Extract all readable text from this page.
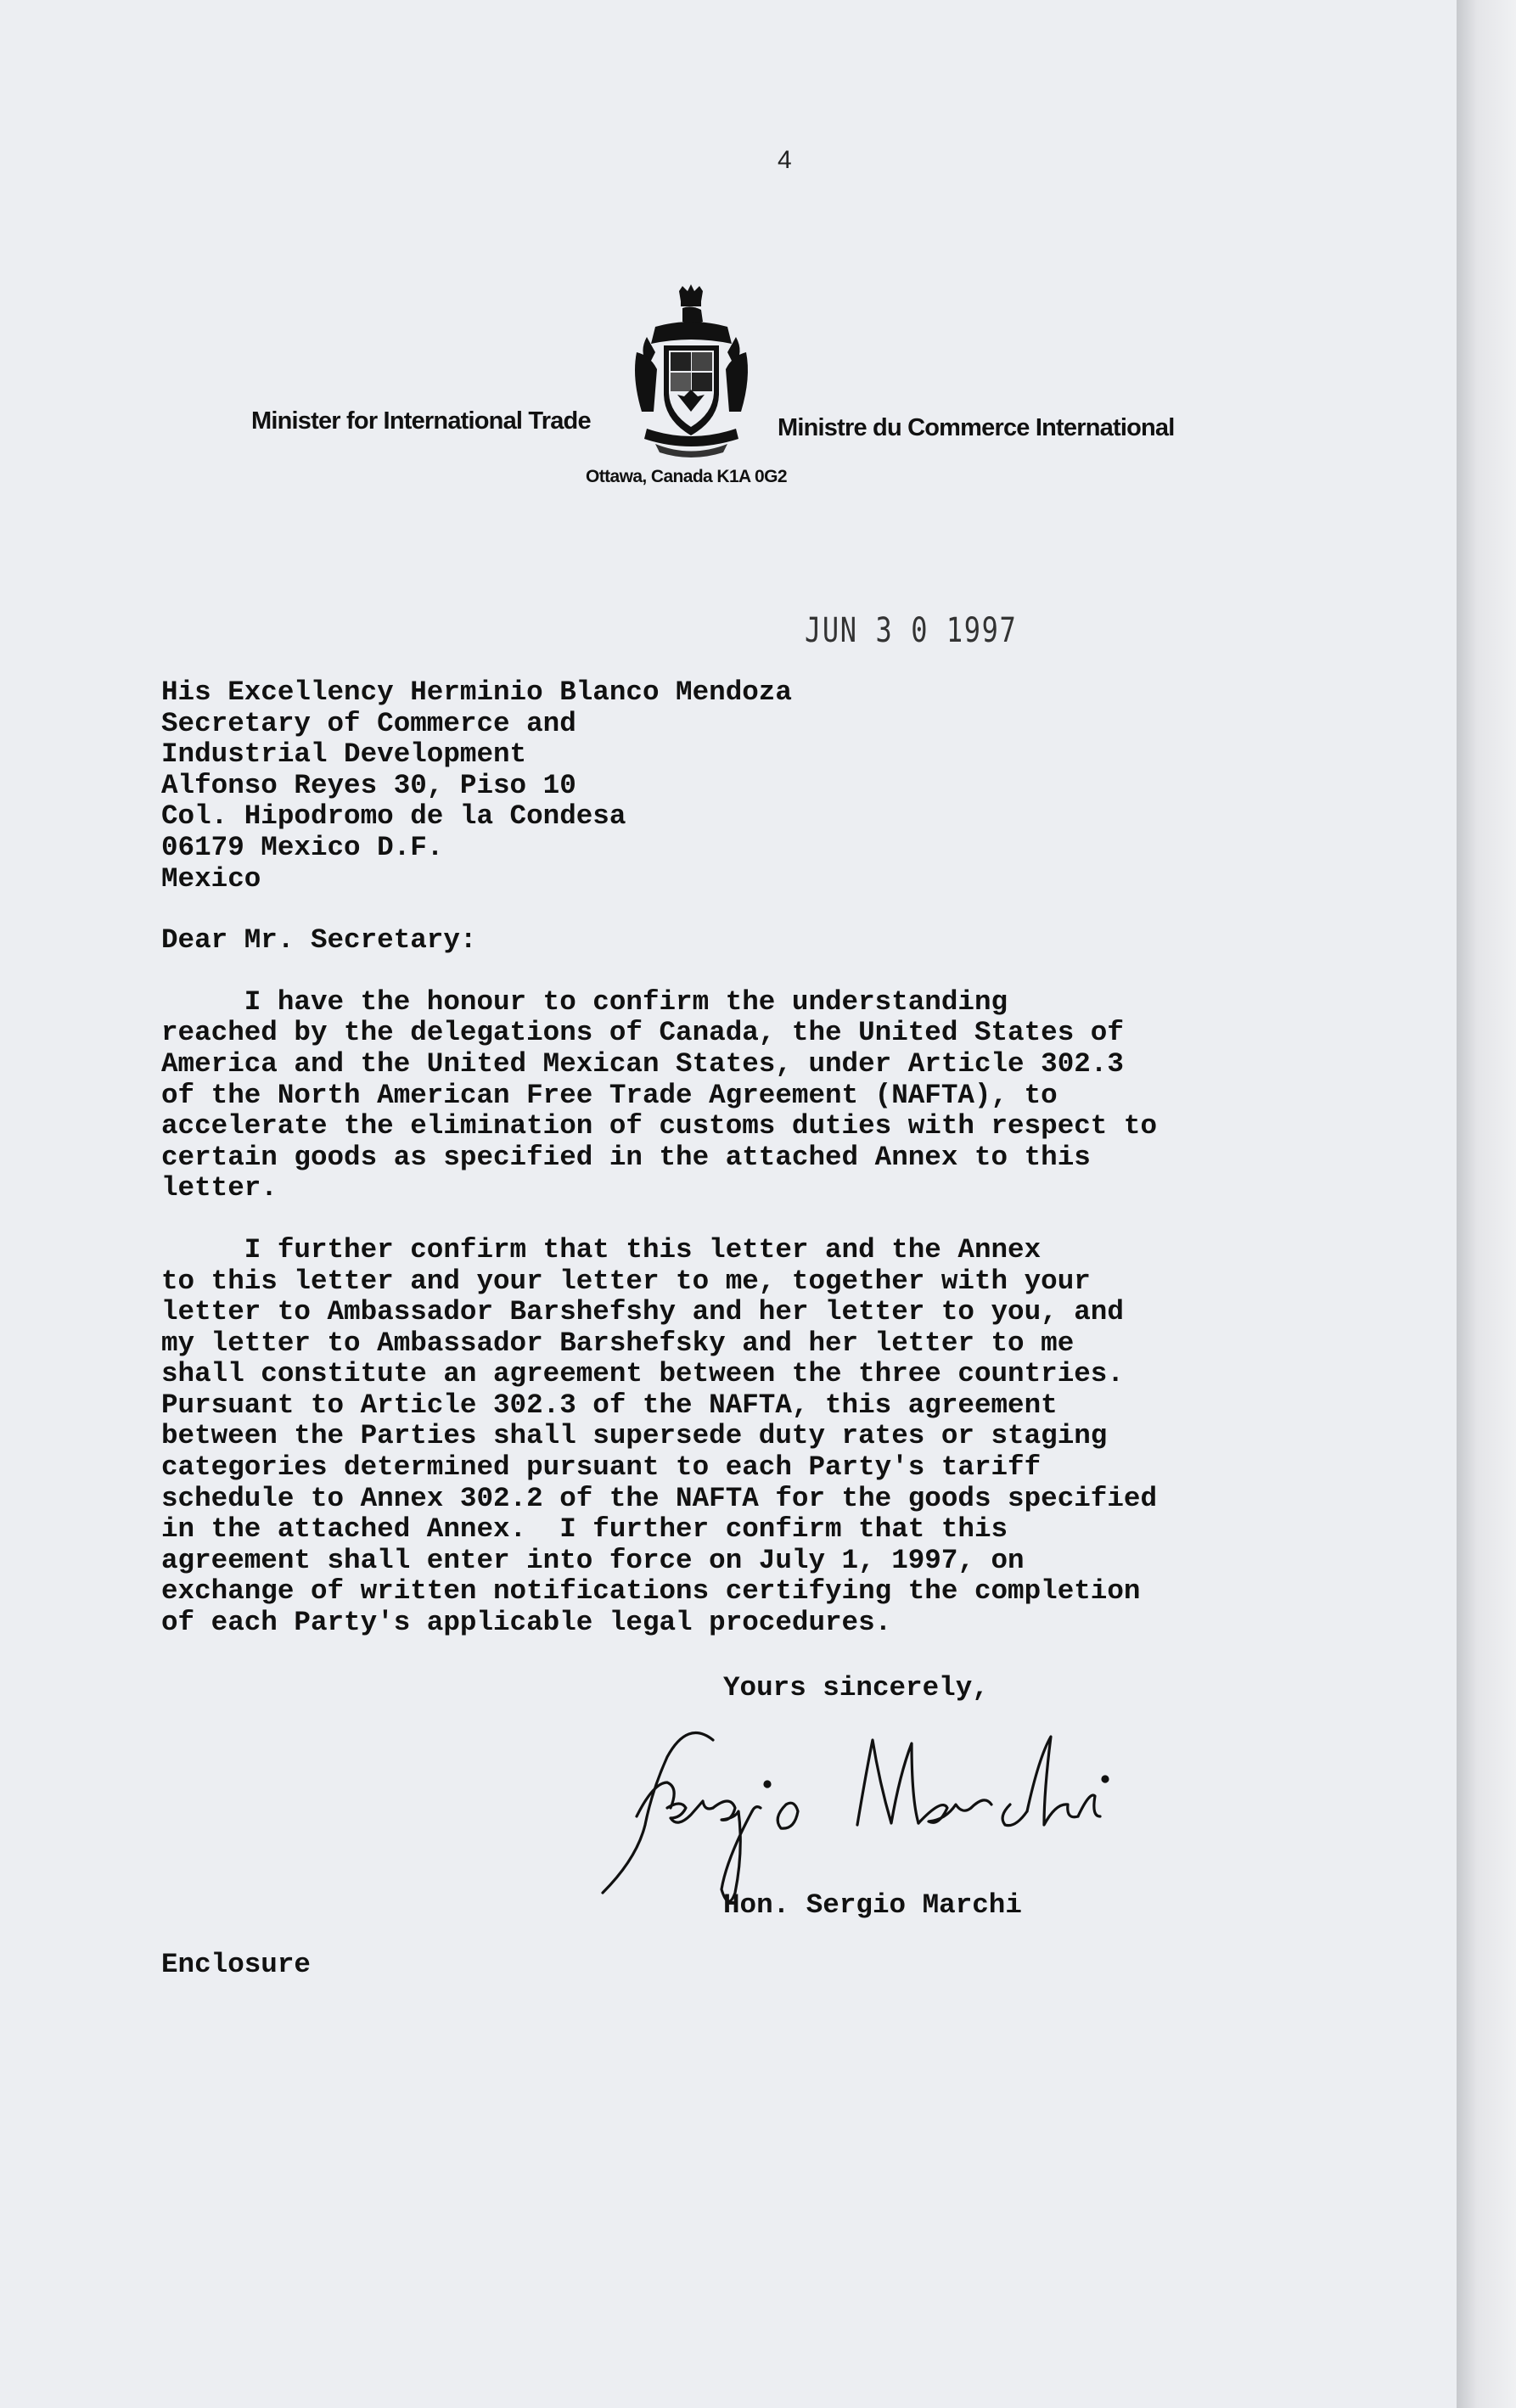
4
Minister for International Trade	Ministre du Commerce International
Ottawa, Canada K1A 0G2
JUN 3 0 1997
His Excellency Herminio Blanco Mendoza
Secretary of Commerce and
Industrial Development
Alfonso Reyes 30, Piso 10
Col. Hipodromo de la Condesa
06179 Mexico D.F.
Mexico
Dear Mr. Secretary:
I have the honour to confirm the understanding
reached by the delegations of Canada, the United States of
America and the United Mexican States, under Article 302.3
of the North American Free Trade Agreement (NAFTA), to
accelerate the elimination of customs duties with respect to
certain goods as specified in the attached Annex to this
letter.
I further confirm that this letter and the Annex
to this letter and your letter to me, together with your
letter to Ambassador Barshefshy and her letter to you, and
my letter to Ambassador Barshefsky and her letter to me
shall constitute an agreement between the three countries.
Pursuant to Article 302.3 of the NAFTA, this agreement
between the Parties shall supersede duty rates or staging
categories determined pursuant to each Party's tariff
schedule to Annex 302.2 of the NAFTA for the goods specified
in the attached Annex.  I further confirm that this
agreement shall enter into force on July 1, 1997, on
exchange of written notifications certifying the completion
of each Party's applicable legal procedures.
Yours sincerely,
Hon. Sergio Marchi
Enclosure
